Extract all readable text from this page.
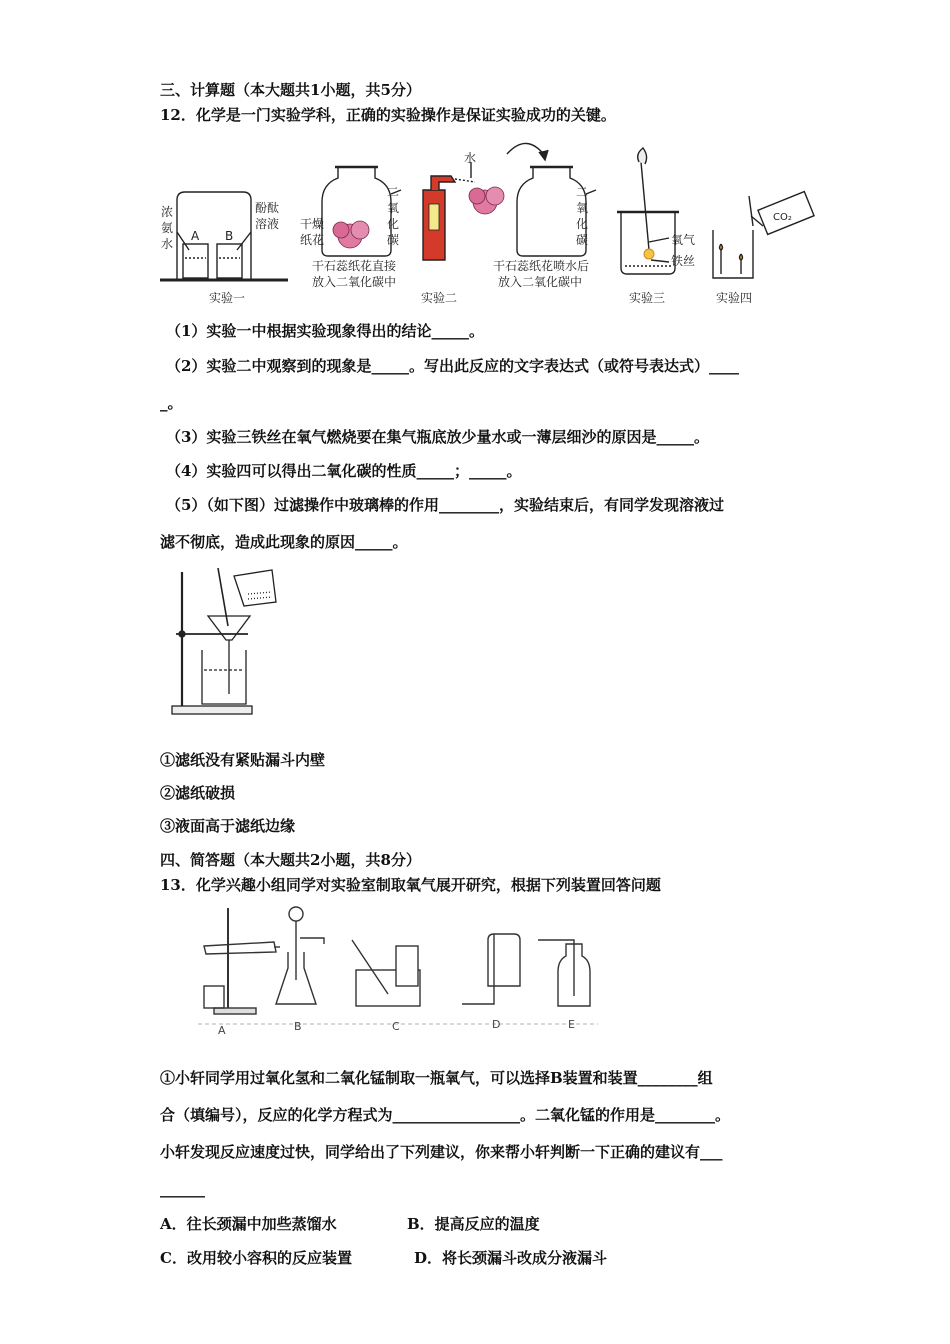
三、计算题（本大题共1小题，共5分）
12．化学是一门实验学科，正确的实验操作是保证实验成功的关键。
浓
氨
水
A B
酚酞
溶液 干燥
纸花
二
氧
化
碳
干石蕊纸花直接
放入二氧化碳中
水
二
氧
化
碳
干石蕊纸花喷水后
放入二氧化碳中
氧气
铁丝
CO₂
实验一	实验二	实验三	实验四
（1）实验一中根据实验现象得出的结论_____。
（2）实验二中观察到的现象是_____。写出此反应的文字表达式（或符号表达式）____
_。
（3）实验三铁丝在氧气燃烧要在集气瓶底放少量水或一薄层细沙的原因是_____。
（4）实验四可以得出二氧化碳的性质_____；_____。
（5）（如下图）过滤操作中玻璃棒的作用________，实验结束后，有同学发现溶液过
滤不彻底，造成此现象的原因_____。
①滤纸没有紧贴漏斗内壁
②滤纸破损
③液面高于滤纸边缘
四、简答题（本大题共2小题，共8分）
13．化学兴趣小组同学对实验室制取氧气展开研究，根据下列装置回答问题
A	B	C	D	E
①小轩同学用过氧化氢和二氧化锰制取一瓶氧气，可以选择B装置和装置________组
合（填编号），反应的化学方程式为_________________。二氧化锰的作用是________。
小轩发现反应速度过快，同学给出了下列建议，你来帮小轩判断一下正确的建议有___
______
A．往长颈漏中加些蒸馏水	B．提高反应的温度
C．改用较小容积的反应装置	D．将长颈漏斗改成分液漏斗
